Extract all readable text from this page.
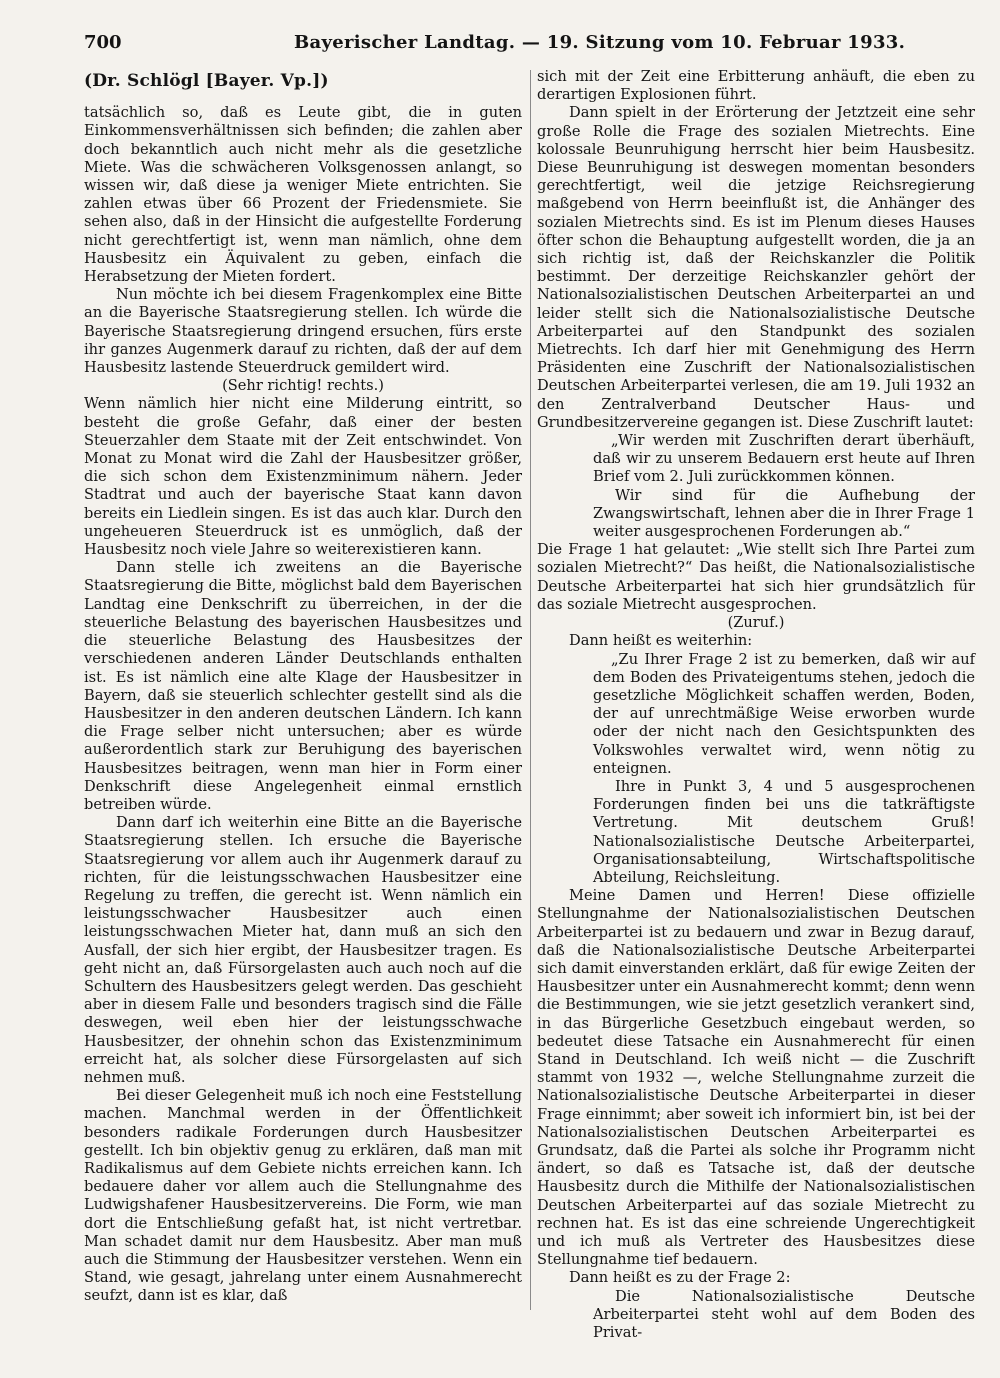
700	Bayerischer Landtag. — 19. Sitzung vom 10. Februar 1933.
(Dr. Schlögl [Bayer. Vp.])

tatsächlich so, daß es Leute gibt, die in guten Einkommensverhältnissen sich befinden; die zahlen aber doch bekanntlich auch nicht mehr als die gesetzliche Miete. Was die schwächeren Volksgenossen anlangt, so wissen wir, daß diese ja weniger Miete entrichten. Sie zahlen etwas über 66 Prozent der Friedensmiete. Sie sehen also, daß in der Hinsicht die aufgestellte Forderung nicht gerechtfertigt ist, wenn man nämlich, ohne dem Hausbesitz ein Äquivalent zu geben, einfach die Herabsetzung der Mieten fordert.

Nun möchte ich bei diesem Fragenkomplex eine Bitte an die Bayerische Staatsregierung stellen. Ich würde die Bayerische Staatsregierung dringend ersuchen, fürs erste ihr ganzes Augenmerk darauf zu richten, daß der auf dem Hausbesitz lastende Steuerdruck gemildert wird.

(Sehr richtig! rechts.)

Wenn nämlich hier nicht eine Milderung eintritt, so besteht die große Gefahr, daß einer der besten Steuerzahler dem Staate mit der Zeit entschwindet. Von Monat zu Monat wird die Zahl der Hausbesitzer größer, die sich schon dem Existenzminimum nähern. Jeder Stadtrat und auch der bayerische Staat kann davon bereits ein Liedlein singen. Es ist das auch klar. Durch den ungeheueren Steuerdruck ist es unmöglich, daß der Hausbesitz noch viele Jahre so weiterexistieren kann.

Dann stelle ich zweitens an die Bayerische Staatsregierung die Bitte, möglichst bald dem Bayerischen Landtag eine Denkschrift zu überreichen, in der die steuerliche Belastung des bayerischen Hausbesitzes und die steuerliche Belastung des Hausbesitzes der verschiedenen anderen Länder Deutschlands enthalten ist. Es ist nämlich eine alte Klage der Hausbesitzer in Bayern, daß sie steuerlich schlechter gestellt sind als die Hausbesitzer in den anderen deutschen Ländern. Ich kann die Frage selber nicht untersuchen; aber es würde außerordentlich stark zur Beruhigung des bayerischen Hausbesitzes beitragen, wenn man hier in Form einer Denkschrift diese Angelegenheit einmal ernstlich betreiben würde.

Dann darf ich weiterhin eine Bitte an die Bayerische Staatsregierung stellen. Ich ersuche die Bayerische Staatsregierung vor allem auch ihr Augenmerk darauf zu richten, für die leistungsschwachen Hausbesitzer eine Regelung zu treffen, die gerecht ist. Wenn nämlich ein leistungsschwacher Hausbesitzer auch einen leistungsschwachen Mieter hat, dann muß an sich den Ausfall, der sich hier ergibt, der Hausbesitzer tragen. Es geht nicht an, daß Fürsorgelasten auch auch noch auf die Schultern des Hausbesitzers gelegt werden. Das geschieht aber in diesem Falle und besonders tragisch sind die Fälle deswegen, weil eben hier der leistungsschwache Hausbesitzer, der ohnehin schon das Existenzminimum erreicht hat, als solcher diese Fürsorgelasten auf sich nehmen muß.

Bei dieser Gelegenheit muß ich noch eine Feststellung machen. Manchmal werden in der Öffentlichkeit besonders radikale Forderungen durch Hausbesitzer gestellt. Ich bin objektiv genug zu erklären, daß man mit Radikalismus auf dem Gebiete nichts erreichen kann. Ich bedauere daher vor allem auch die Stellungnahme des Ludwigshafener Hausbesitzervereins. Die Form, wie man dort die Entschließung gefaßt hat, ist nicht vertretbar. Man schadet damit nur dem Hausbesitz. Aber man muß auch die Stimmung der Hausbesitzer verstehen. Wenn ein Stand, wie gesagt, jahrelang unter einem Ausnahmerecht seufzt, dann ist es klar, daß

sich mit der Zeit eine Erbitterung anhäuft, die eben zu derartigen Explosionen führt.

Dann spielt in der Erörterung der Jetztzeit eine sehr große Rolle die Frage des sozialen Mietrechts. Eine kolossale Beunruhigung herrscht hier beim Hausbesitz. Diese Beunruhigung ist deswegen momentan besonders gerechtfertigt, weil die jetzige Reichsregierung maßgebend von Herrn beeinflußt ist, die Anhänger des sozialen Mietrechts sind. Es ist im Plenum dieses Hauses öfter schon die Behauptung aufgestellt worden, die ja an sich richtig ist, daß der Reichskanzler die Politik bestimmt. Der derzeitige Reichskanzler gehört der Nationalsozialistischen Deutschen Arbeiterpartei an und leider stellt sich die Nationalsozialistische Deutsche Arbeiterpartei auf den Standpunkt des sozialen Mietrechts. Ich darf hier mit Genehmigung des Herrn Präsidenten eine Zuschrift der Nationalsozialistischen Deutschen Arbeiterpartei verlesen, die am 19. Juli 1932 an den Zentralverband Deutscher Haus- und Grundbesitzervereine gegangen ist. Diese Zuschrift lautet:

„Wir werden mit Zuschriften derart überhäuft, daß wir zu unserem Bedauern erst heute auf Ihren Brief vom 2. Juli zurückkommen können.

Wir sind für die Aufhebung der Zwangswirtschaft, lehnen aber die in Ihrer Frage 1 weiter ausgesprochenen Forderungen ab.“

Die Frage 1 hat gelautet: „Wie stellt sich Ihre Partei zum sozialen Mietrecht?“ Das heißt, die Nationalsozialistische Deutsche Arbeiterpartei hat sich hier grundsätzlich für das soziale Mietrecht ausgesprochen.

(Zuruf.)

Dann heißt es weiterhin:

„Zu Ihrer Frage 2 ist zu bemerken, daß wir auf dem Boden des Privateigentums stehen, jedoch die gesetzliche Möglichkeit schaffen werden, Boden, der auf unrechtmäßige Weise erworben wurde oder der nicht nach den Gesichtspunkten des Volkswohles verwaltet wird, wenn nötig zu enteignen.

Ihre in Punkt 3, 4 und 5 ausgesprochenen Forderungen finden bei uns die tatkräftigste Vertretung. Mit deutschem Gruß! Nationalsozialistische Deutsche Arbeiterpartei, Organisationsabteilung, Wirtschaftspolitische Abteilung, Reichsleitung.

Meine Damen und Herren! Diese offizielle Stellungnahme der Nationalsozialistischen Deutschen Arbeiterpartei ist zu bedauern und zwar in Bezug darauf, daß die Nationalsozialistische Deutsche Arbeiterpartei sich damit einverstanden erklärt, daß für ewige Zeiten der Hausbesitzer unter ein Ausnahmerecht kommt; denn wenn die Bestimmungen, wie sie jetzt gesetzlich verankert sind, in das Bürgerliche Gesetzbuch eingebaut werden, so bedeutet diese Tatsache ein Ausnahmerecht für einen Stand in Deutschland. Ich weiß nicht — die Zuschrift stammt von 1932 —, welche Stellungnahme zurzeit die Nationalsozialistische Deutsche Arbeiterpartei in dieser Frage einnimmt; aber soweit ich informiert bin, ist bei der Nationalsozialistischen Deutschen Arbeiterpartei es Grundsatz, daß die Partei als solche ihr Programm nicht ändert, so daß es Tatsache ist, daß der deutsche Hausbesitz durch die Mithilfe der Nationalsozialistischen Deutschen Arbeiterpartei auf das soziale Mietrecht zu rechnen hat. Es ist das eine schreiende Ungerechtigkeit und ich muß als Vertreter des Hausbesitzes diese Stellungnahme tief bedauern.

Dann heißt es zu der Frage 2:

Die Nationalsozialistische Deutsche Arbeiterpartei steht wohl auf dem Boden des Privat-
